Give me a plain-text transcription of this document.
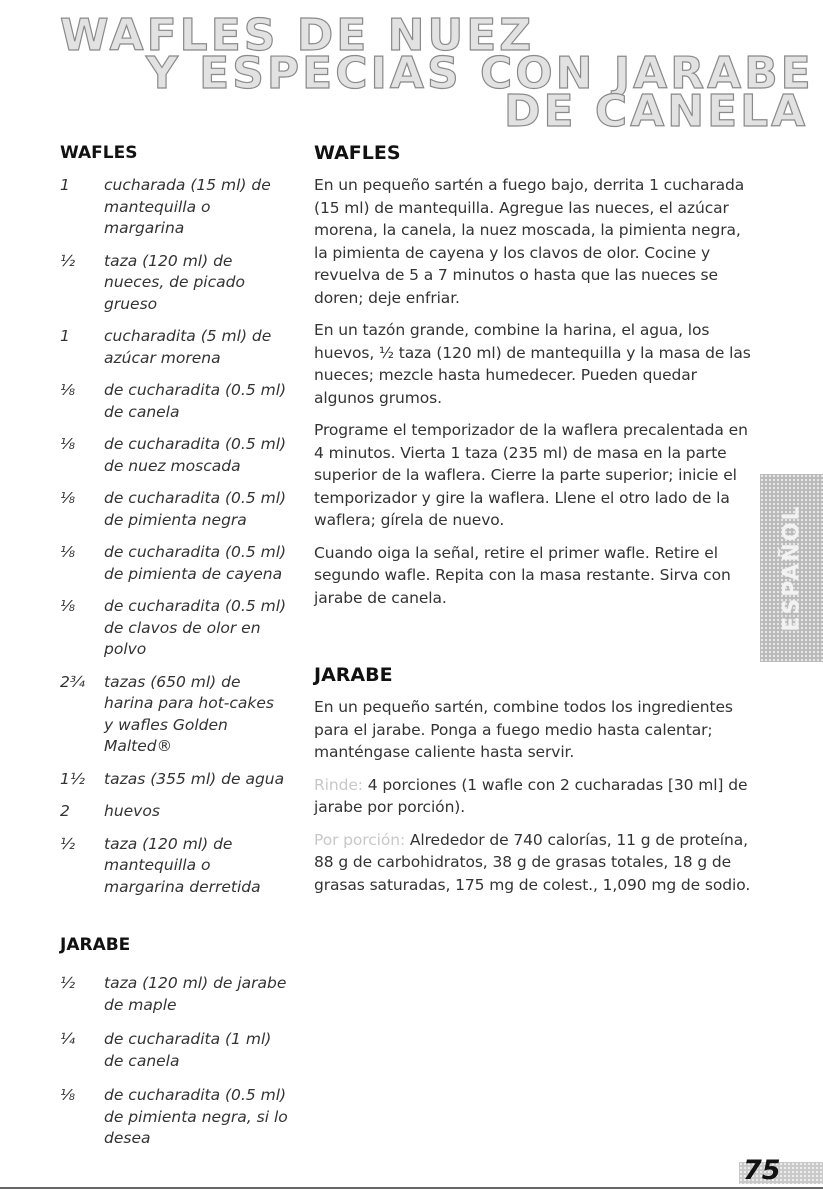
WAFLES DE NUEZ
Y ESPECIAS CON JARABE
DE CANELA
WAFLES
1	cucharada (15 ml) de mantequilla o margarina
½	taza (120 ml) de nueces, de picado grueso
1	cucharadita (5 ml) de azúcar morena
⅛	de cucharadita (0.5 ml) de canela
⅛	de cucharadita (0.5 ml) de nuez moscada
⅛	de cucharadita (0.5 ml) de pimienta negra
⅛	de cucharadita (0.5 ml) de pimienta de cayena
⅛	de cucharadita (0.5 ml) de clavos de olor en polvo
2¾	tazas (650 ml) de harina para hot-cakes y wafles Golden Malted®
1½	tazas (355 ml) de agua
2	huevos
½	taza (120 ml) de mantequilla o margarina derretida
JARABE
½	taza (120 ml) de jarabe de maple
¼	de cucharadita (1 ml) de canela
⅛	de cucharadita (0.5 ml) de pimienta negra, si lo desea
WAFLES

En un pequeño sartén a fuego bajo, derrita 1 cucharada (15 ml) de mantequilla. Agregue las nueces, el azúcar morena, la canela, la nuez moscada, la pimienta negra, la pimienta de cayena y los clavos de olor. Cocine y revuelva de 5 a 7 minutos o hasta que las nueces se doren; deje enfriar.

En un tazón grande, combine la harina, el agua, los huevos, ½ taza (120 ml) de mantequilla y la masa de las nueces; mezcle hasta humedecer. Pueden quedar algunos grumos.

Programe el temporizador de la waflera precalentada en 4 minutos. Vierta 1 taza (235 ml) de masa en la parte superior de la waflera. Cierre la parte superior; inicie el temporizador y gire la waflera. Llene el otro lado de la waflera; gírela de nuevo.

Cuando oiga la señal, retire el primer wafle. Retire el segundo wafle. Repita con la masa restante. Sirva con jarabe de canela.

JARABE

En un pequeño sartén, combine todos los ingredientes para el jarabe. Ponga a fuego medio hasta calentar; manténgase caliente hasta servir.

Rinde: 4 porciones (1 wafle con 2 cucharadas [30 ml] de jarabe por porción).

Por porción: Alrededor de 740 calorías, 11 g de proteína, 88 g de carbohidratos, 38 g de grasas totales, 18 g de grasas saturadas, 175 mg de colest., 1,090 mg de sodio.

ESPAÑOL
75
